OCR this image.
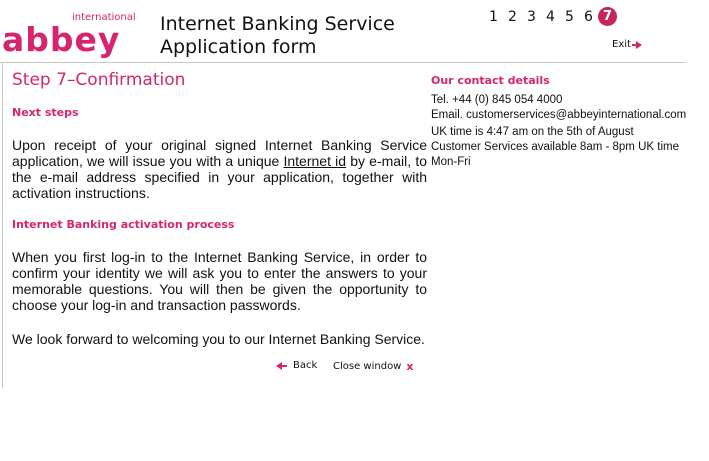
international
abbey Internet Banking Service
Application form
1 2 3 4 5 6 7
Exit
Step 7–Confirmation
Next steps

Upon receipt of your original signed Internet Banking Service application, we will issue you with a unique Internet id by e-mail, to the e-mail address specified in your application, together with activation instructions.

Internet Banking activation process

When you first log-in to the Internet Banking Service, in order to confirm your identity we will ask you to enter the answers to your memorable questions. You will then be given the opportunity to choose your log-in and transaction passwords.

We look forward to welcoming you to our Internet Banking Service.

Our contact details
Tel. +44 (0) 845 054 4000
Email. customerservices@abbeyinternational.com
UK time is 4:47 am on the 5th of August
Customer Services available 8am - 8pm UK time
Mon-Fri
Back Close window x
